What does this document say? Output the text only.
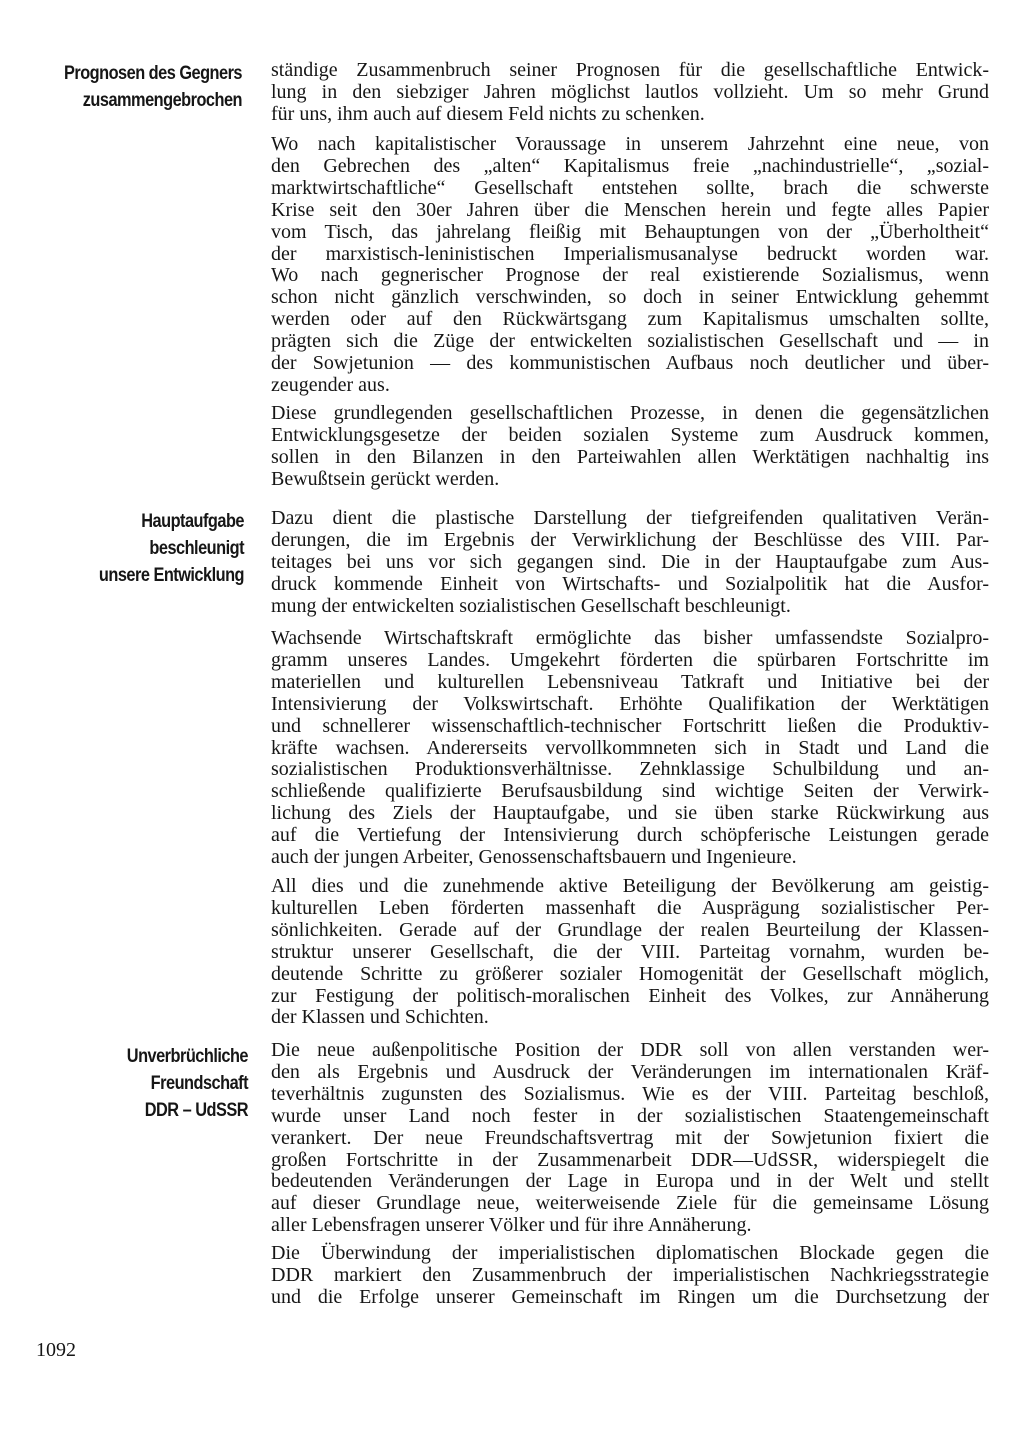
Prognosen des Gegners
zusammengebrochen
Hauptaufgabe
beschleunigt
unsere Entwicklung
Unverbrüchliche
Freundschaft
DDR – UdSSR
ständige Zusammenbruch seiner Prognosen für die gesellschaftliche Entwick-
lung in den siebziger Jahren möglichst lautlos vollzieht. Um so mehr Grund
für uns, ihm auch auf diesem Feld nichts zu schenken.
Wo nach kapitalistischer Voraussage in unserem Jahrzehnt eine neue, von
den Gebrechen des „alten“ Kapitalismus freie „nachindustrielle“, „sozial-
marktwirtschaftliche“ Gesellschaft entstehen sollte, brach die schwerste
Krise seit den 30er Jahren über die Menschen herein und fegte alles Papier
vom Tisch, das jahrelang fleißig mit Behauptungen von der „Überholtheit“
der marxistisch-leninistischen Imperialismusanalyse bedruckt worden war.
Wo nach gegnerischer Prognose der real existierende Sozialismus, wenn
schon nicht gänzlich verschwinden, so doch in seiner Entwicklung gehemmt
werden oder auf den Rückwärtsgang zum Kapitalismus umschalten sollte,
prägten sich die Züge der entwickelten sozialistischen Gesellschaft und — in
der Sowjetunion — des kommunistischen Aufbaus noch deutlicher und über-
zeugender aus.
Diese grundlegenden gesellschaftlichen Prozesse, in denen die gegensätzlichen
Entwicklungsgesetze der beiden sozialen Systeme zum Ausdruck kommen,
sollen in den Bilanzen in den Parteiwahlen allen Werktätigen nachhaltig ins
Bewußtsein gerückt werden.
Dazu dient die plastische Darstellung der tiefgreifenden qualitativen Verän-
derungen, die im Ergebnis der Verwirklichung der Beschlüsse des VIII. Par-
teitages bei uns vor sich gegangen sind. Die in der Hauptaufgabe zum Aus-
druck kommende Einheit von Wirtschafts- und Sozialpolitik hat die Ausfor-
mung der entwickelten sozialistischen Gesellschaft beschleunigt.
Wachsende Wirtschaftskraft ermöglichte das bisher umfassendste Sozialpro-
gramm unseres Landes. Umgekehrt förderten die spürbaren Fortschritte im
materiellen und kulturellen Lebensniveau Tatkraft und Initiative bei der
Intensivierung der Volkswirtschaft. Erhöhte Qualifikation der Werktätigen
und schnellerer wissenschaftlich-technischer Fortschritt ließen die Produktiv-
kräfte wachsen. Andererseits vervollkommneten sich in Stadt und Land die
sozialistischen Produktionsverhältnisse. Zehnklassige Schulbildung und an-
schließende qualifizierte Berufsausbildung sind wichtige Seiten der Verwirk-
lichung des Ziels der Hauptaufgabe, und sie üben starke Rückwirkung aus
auf die Vertiefung der Intensivierung durch schöpferische Leistungen gerade
auch der jungen Arbeiter, Genossenschaftsbauern und Ingenieure.
All dies und die zunehmende aktive Beteiligung der Bevölkerung am geistig-
kulturellen Leben förderten massenhaft die Ausprägung sozialistischer Per-
sönlichkeiten. Gerade auf der Grundlage der realen Beurteilung der Klassen-
struktur unserer Gesellschaft, die der VIII. Parteitag vornahm, wurden be-
deutende Schritte zu größerer sozialer Homogenität der Gesellschaft möglich,
zur Festigung der politisch-moralischen Einheit des Volkes, zur Annäherung
der Klassen und Schichten.
Die neue außenpolitische Position der DDR soll von allen verstanden wer-
den als Ergebnis und Ausdruck der Veränderungen im internationalen Kräf-
teverhältnis zugunsten des Sozialismus. Wie es der VIII. Parteitag beschloß,
wurde unser Land noch fester in der sozialistischen Staatengemeinschaft
verankert. Der neue Freundschaftsvertrag mit der Sowjetunion fixiert die
großen Fortschritte in der Zusammenarbeit DDR—UdSSR, widerspiegelt die
bedeutenden Veränderungen der Lage in Europa und in der Welt und stellt
auf dieser Grundlage neue, weiterweisende Ziele für die gemeinsame Lösung
aller Lebensfragen unserer Völker und für ihre Annäherung.
Die Überwindung der imperialistischen diplomatischen Blockade gegen die
DDR markiert den Zusammenbruch der imperialistischen Nachkriegsstrategie
und die Erfolge unserer Gemeinschaft im Ringen um die Durchsetzung der
1092
